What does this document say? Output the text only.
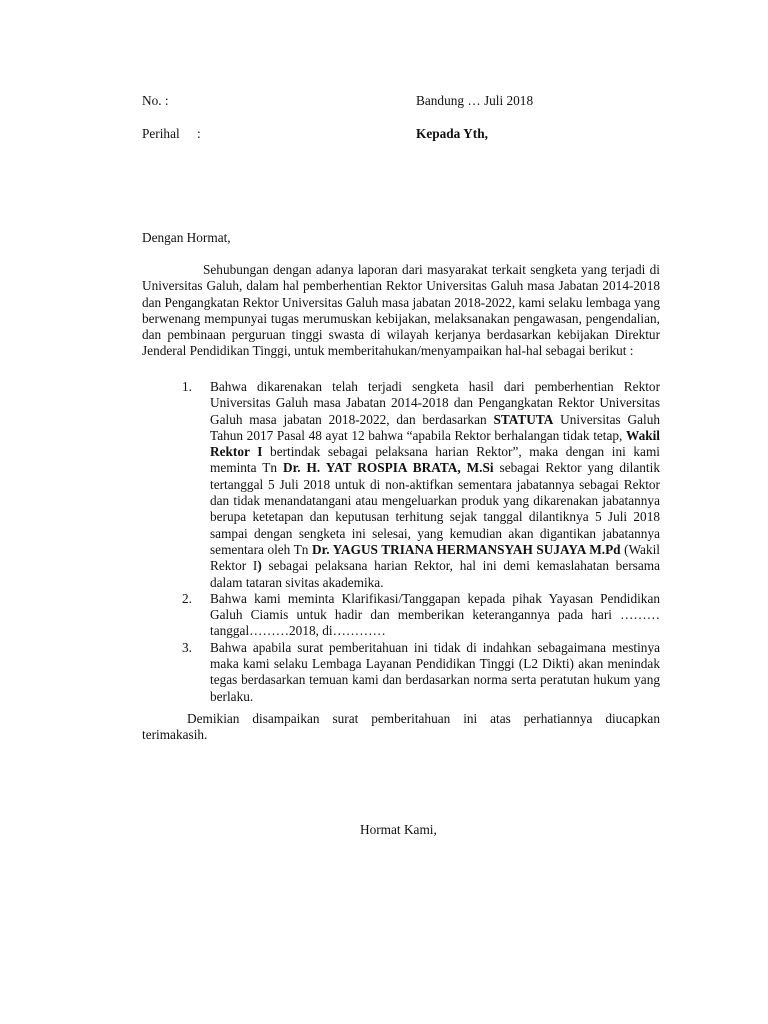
No. :	Bandung … Juli 2018
Perihal :	Kepada Yth,
Dengan Hormat,
Sehubungan dengan adanya laporan dari masyarakat terkait sengketa yang terjadi di Universitas Galuh, dalam hal pemberhentian Rektor Universitas Galuh masa Jabatan 2014-2018 dan Pengangkatan Rektor Universitas Galuh masa jabatan 2018-2022, kami selaku lembaga yang berwenang mempunyai tugas merumuskan kebijakan, melaksanakan pengawasan, pengendalian, dan pembinaan perguruan tinggi swasta di wilayah kerjanya berdasarkan kebijakan Direktur Jenderal Pendidikan Tinggi, untuk memberitahukan/menyampaikan hal-hal sebagai berikut :
1. Bahwa dikarenakan telah terjadi sengketa hasil dari pemberhentian Rektor Universitas Galuh masa Jabatan 2014-2018 dan Pengangkatan Rektor Universitas Galuh masa jabatan 2018-2022, dan berdasarkan STATUTA Universitas Galuh Tahun 2017 Pasal 48 ayat 12 bahwa “apabila Rektor berhalangan tidak tetap, Wakil Rektor I bertindak sebagai pelaksana harian Rektor”, maka dengan ini kami meminta Tn Dr. H. YAT ROSPIA BRATA, M.Si sebagai Rektor yang dilantik tertanggal 5 Juli 2018 untuk di non-aktifkan sementara jabatannya sebagai Rektor dan tidak menandatangani atau mengeluarkan produk yang dikarenakan jabatannya berupa ketetapan dan keputusan terhitung sejak tanggal dilantiknya 5 Juli 2018 sampai dengan sengketa ini selesai, yang kemudian akan digantikan jabatannya sementara oleh Tn Dr. YAGUS TRIANA HERMANSYAH SUJAYA M.Pd (Wakil Rektor I) sebagai pelaksana harian Rektor, hal ini demi kemaslahatan bersama dalam tataran sivitas akademika.
2. Bahwa kami meminta Klarifikasi/Tanggapan kepada pihak Yayasan Pendidikan Galuh Ciamis untuk hadir dan memberikan keterangannya pada hari ………tanggal………2018, di…………
3. Bahwa apabila surat pemberitahuan ini tidak di indahkan sebagaimana mestinya maka kami selaku Lembaga Layanan Pendidikan Tinggi (L2 Dikti) akan menindak tegas berdasarkan temuan kami dan berdasarkan norma serta peratutan hukum yang berlaku.
Demikian disampaikan surat pemberitahuan ini atas perhatiannya diucapkan terimakasih.
Hormat Kami,
